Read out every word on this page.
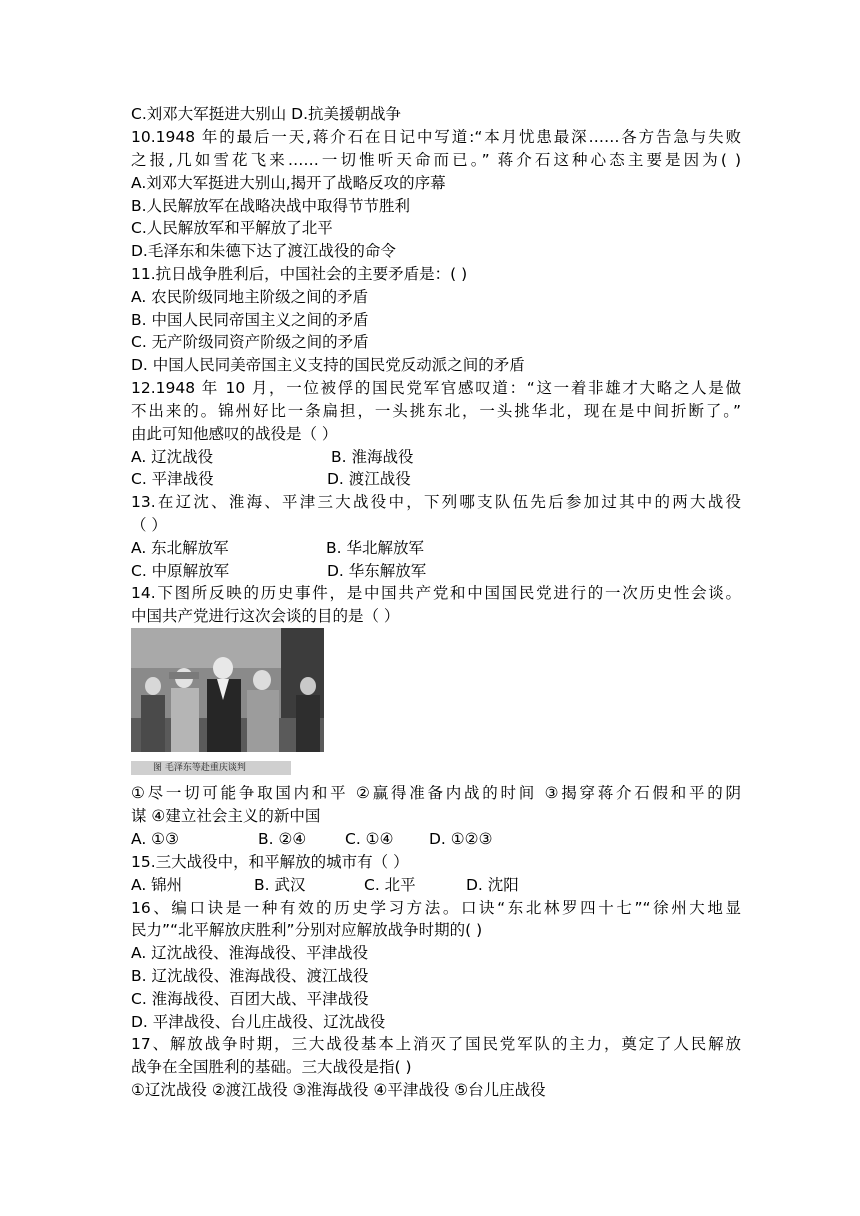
C.刘邓大军挺进大别山 D.抗美援朝战争
10.1948 年的最后一天,蒋介石在日记中写道:“本月忧患最深……各方告急与失败
之报,几如雪花飞来……一切惟听天命而已。” 蒋介石这种心态主要是因为( )
A.刘邓大军挺进大别山,揭开了战略反攻的序幕
B.人民解放军在战略决战中取得节节胜利
C.人民解放军和平解放了北平
D.毛泽东和朱德下达了渡江战役的命令
11.抗日战争胜利后，中国社会的主要矛盾是：( )
A. 农民阶级同地主阶级之间的矛盾
B. 中国人民同帝国主义之间的矛盾
C. 无产阶级同资产阶级之间的矛盾
D. 中国人民同美帝国主义支持的国民党反动派之间的矛盾
12.1948 年 10 月，一位被俘的国民党军官感叹道：“这一着非雄才大略之人是做
不出来的。锦州好比一条扁担，一头挑东北，一头挑华北，现在是中间折断了。”
由此可知他感叹的战役是（ ）
A. 辽沈战役	B. 淮海战役
C. 平津战役	D. 渡江战役
13.在辽沈、淮海、平津三大战役中，下列哪支队伍先后参加过其中的两大战役
（ ）
A. 东北解放军	B. 华北解放军
C. 中原解放军	D. 华东解放军
14.下图所反映的历史事件，是中国共产党和中国国民党进行的一次历史性会谈。
中国共产党进行这次会谈的目的是（ ）
图 毛泽东等赴重庆谈判
①尽一切可能争取国内和平 ②赢得准备内战的时间 ③揭穿蒋介石假和平的阴
谋 ④建立社会主义的新中国
A. ①③	B. ②④ C. ①④ D. ①②③
15.三大战役中，和平解放的城市有（ ）
A. 锦州	B. 武汉	C. 北平	D. 沈阳
16、编口诀是一种有效的历史学习方法。口诀“东北林罗四十七”“徐州大地显
民力”“北平解放庆胜利”分别对应解放战争时期的( )
A. 辽沈战役、淮海战役、平津战役
B. 辽沈战役、淮海战役、渡江战役
C. 淮海战役、百团大战、平津战役
D. 平津战役、台儿庄战役、辽沈战役
17、解放战争时期，三大战役基本上消灭了国民党军队的主力，奠定了人民解放
战争在全国胜利的基础。三大战役是指( )
①辽沈战役 ②渡江战役 ③淮海战役 ④平津战役 ⑤台儿庄战役
